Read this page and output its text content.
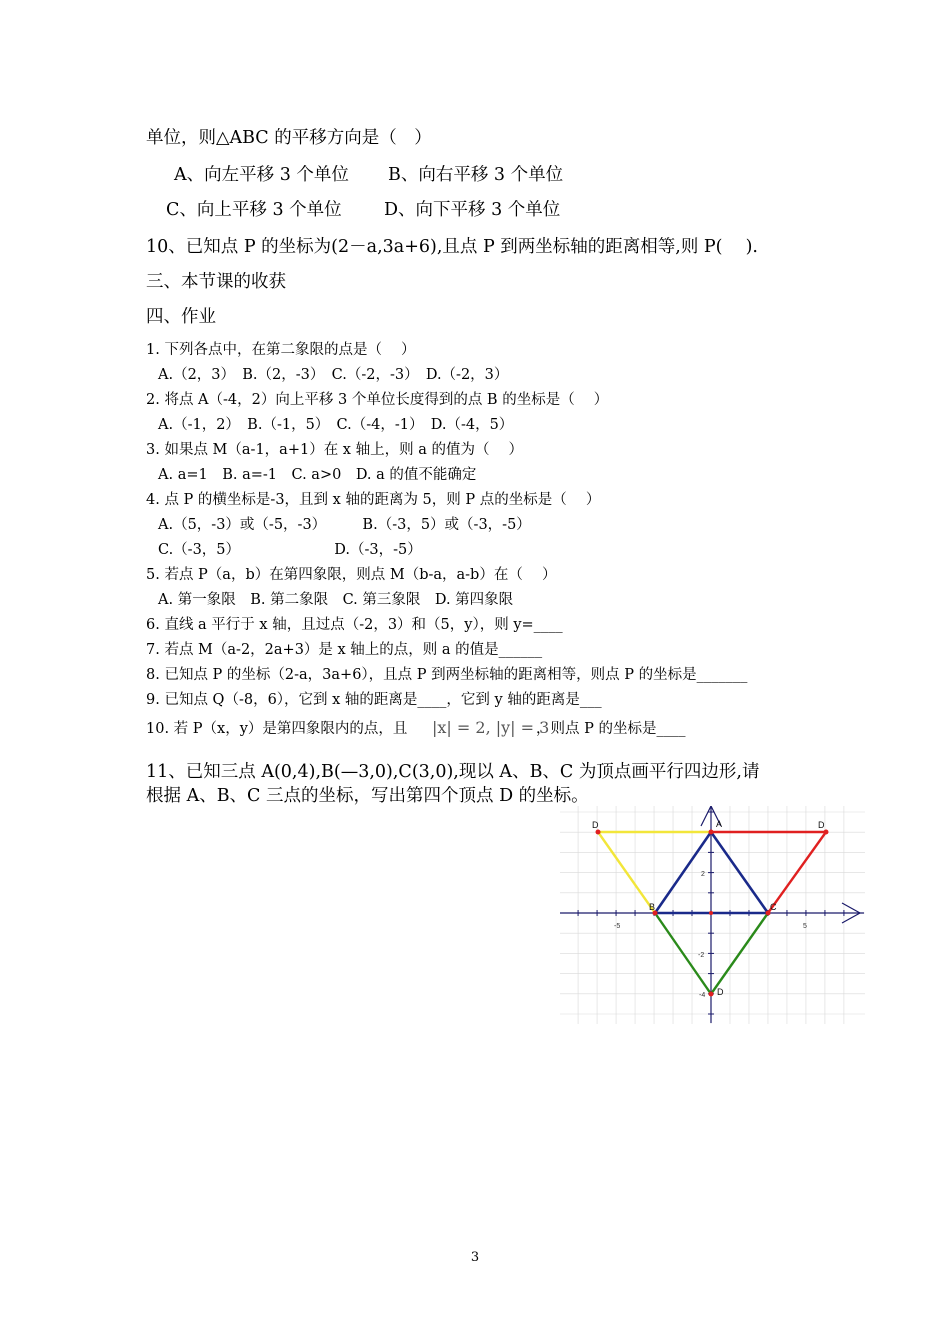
单位，则△ABC 的平移方向是（　）
A、向左平移 3 个单位 B、向右平移 3 个单位
C、向上平移 3 个单位 D、向下平移 3 个单位
10、已知点 P 的坐标为(2－a,3a+6),且点 P 到两坐标轴的距离相等,则 P(　 ).
三、本节课的收获
四、作业
1. 下列各点中，在第二象限的点是（　 ）
A.（2，3）　B.（2，-3）　C.（-2，-3）　D.（-2，3）
2. 将点 A（-4，2）向上平移 3 个单位长度得到的点 B 的坐标是（　 ）
A.（-1，2）　B.（-1，5）　C.（-4，-1）　D.（-4，5）
3. 如果点 M（a-1，a+1）在 x 轴上，则 a 的值为（　 ）
A. a=1　B. a=-1　C. a>0　D. a 的值不能确定
4. 点 P 的横坐标是-3，且到 x 轴的距离为 5，则 P 点的坐标是（　 ）
A.（5，-3）或（-5，-3）　　　B.（-3，5）或（-3，-5）
C.（-3，5）　　　　　　　D.（-3，-5）
5. 若点 P（a，b）在第四象限，则点 M（b-a，a-b）在（　 ）
A. 第一象限　B. 第二象限　C. 第三象限　D. 第四象限
6. 直线 a 平行于 x 轴，且过点（-2，3）和（5，y），则 y=____
7. 若点 M（a-2，2a+3）是 x 轴上的点，则 a 的值是______
8. 已知点 P 的坐标（2-a，3a+6），且点 P 到两坐标轴的距离相等，则点 P 的坐标是_______
9. 已知点 Q（-8，6），它到 x 轴的距离是____，它到 y 轴的距离是___
10. 若 P（x，y）是第四象限内的点，且 |x| = 2, |y| = 3
，则点 P 的坐标是____
11、已知三点 A(0,4),B(—3,0),C(3,0),现以 A、B、C 为顶点画平行四边形,请
根据 A、B、C 三点的坐标，写出第四个顶点 D 的坐标。
A
B	C
D	D
D
-5	5
2
-2
-4
3
